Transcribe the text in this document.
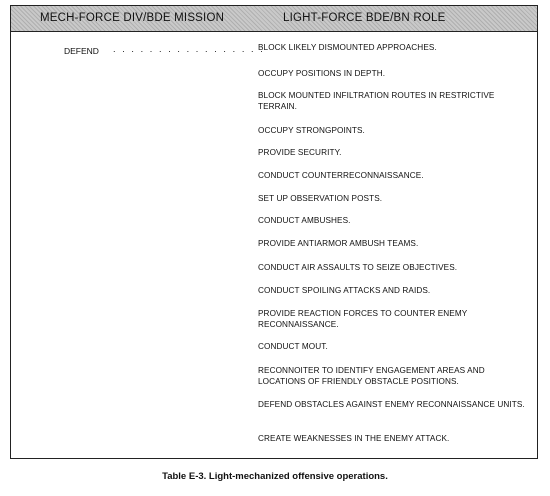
MECH-FORCE DIV/BDE MISSION	LIGHT-FORCE BDE/BN ROLE
DEFEND . . . . . . . . . . . . . . . . .
BLOCK LIKELY DISMOUNTED APPROACHES.
OCCUPY POSITIONS IN DEPTH.
BLOCK MOUNTED INFILTRATION ROUTES IN RESTRICTIVE TERRAIN.
OCCUPY STRONGPOINTS.
PROVIDE SECURITY.
CONDUCT COUNTERRECONNAISSANCE.
SET UP OBSERVATION POSTS.
CONDUCT AMBUSHES.
PROVIDE ANTIARMOR AMBUSH TEAMS.
CONDUCT AIR ASSAULTS TO SEIZE OBJECTIVES.
CONDUCT SPOILING ATTACKS AND RAIDS.
PROVIDE REACTION FORCES TO COUNTER ENEMY RECONNAISSANCE.
CONDUCT MOUT.
RECONNOITER TO IDENTIFY ENGAGEMENT AREAS AND LOCATIONS OF FRIENDLY OBSTACLE POSITIONS.
DEFEND OBSTACLES AGAINST ENEMY RECONNAISSANCE UNITS.
CREATE WEAKNESSES IN THE ENEMY ATTACK.
Table E-3. Light-mechanized offensive operations.
